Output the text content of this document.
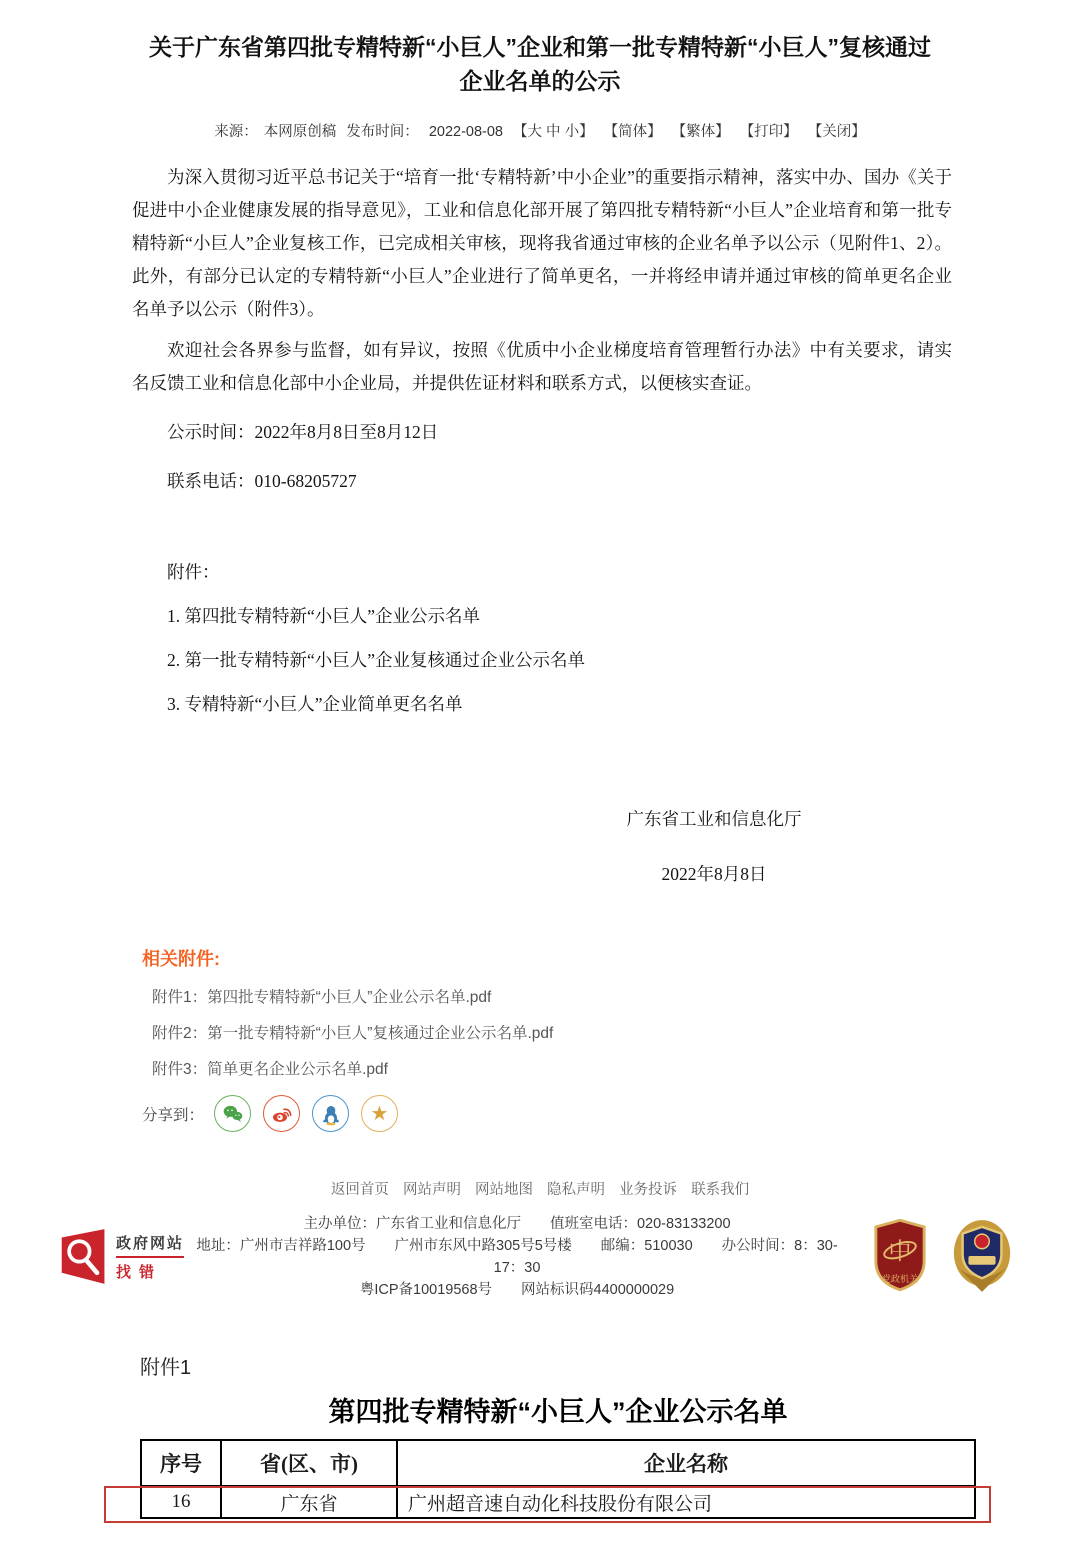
关于广东省第四批专精特新“小巨人”企业和第一批专精特新“小巨人”复核通过
企业名单的公示
来源： 本网原创稿 发布时间： 2022-08-08 【大 中 小】 【简体】 【繁体】 【打印】 【关闭】

为深入贯彻习近平总书记关于“培育一批‘专精特新’中小企业”的重要指示精神，落实中办、国办《关于促进中小企业健康发展的指导意见》，工业和信息化部开展了第四批专精特新“小巨人”企业培育和第一批专精特新“小巨人”企业复核工作，已完成相关审核，现将我省通过审核的企业名单予以公示（见附件1、2）。此外，有部分已认定的专精特新“小巨人”企业进行了简单更名，一并将经申请并通过审核的简单更名企业名单予以公示（附件3）。

欢迎社会各界参与监督，如有异议，按照《优质中小企业梯度培育管理暂行办法》中有关要求，请实名反馈工业和信息化部中小企业局，并提供佐证材料和联系方式，以便核实查证。

公示时间：2022年8月8日至8月12日

联系电话：010-68205727

附件：

1. 第四批专精特新“小巨人”企业公示名单

2. 第一批专精特新“小巨人”企业复核通过企业公示名单

3. 专精特新“小巨人”企业简单更名名单

广东省工业和信息化厅
2022年8月8日
相关附件:
附件1：第四批专精特新“小巨人”企业公示名单.pdf
附件2：第一批专精特新“小巨人”复核通过企业公示名单.pdf
附件3：简单更名企业公示名单.pdf
分享到：	★
返回首页 网站声明 网站地图 隐私声明 业务投诉 联系我们
政府网站
找错
主办单位：广东省工业和信息化厅　　值班室电话：020-83133200
地址：广州市吉祥路100号　　广州市东风中路305号5号楼　　邮编：510030　　办公时间：8：30-17：30
粤ICP备10019568号　　网站标识码4400000029
中
党政机关
附件1
第四批专精特新“小巨人”企业公示名单
序号	省(区、市)	企业名称
16	广东省	广州超音速自动化科技股份有限公司
